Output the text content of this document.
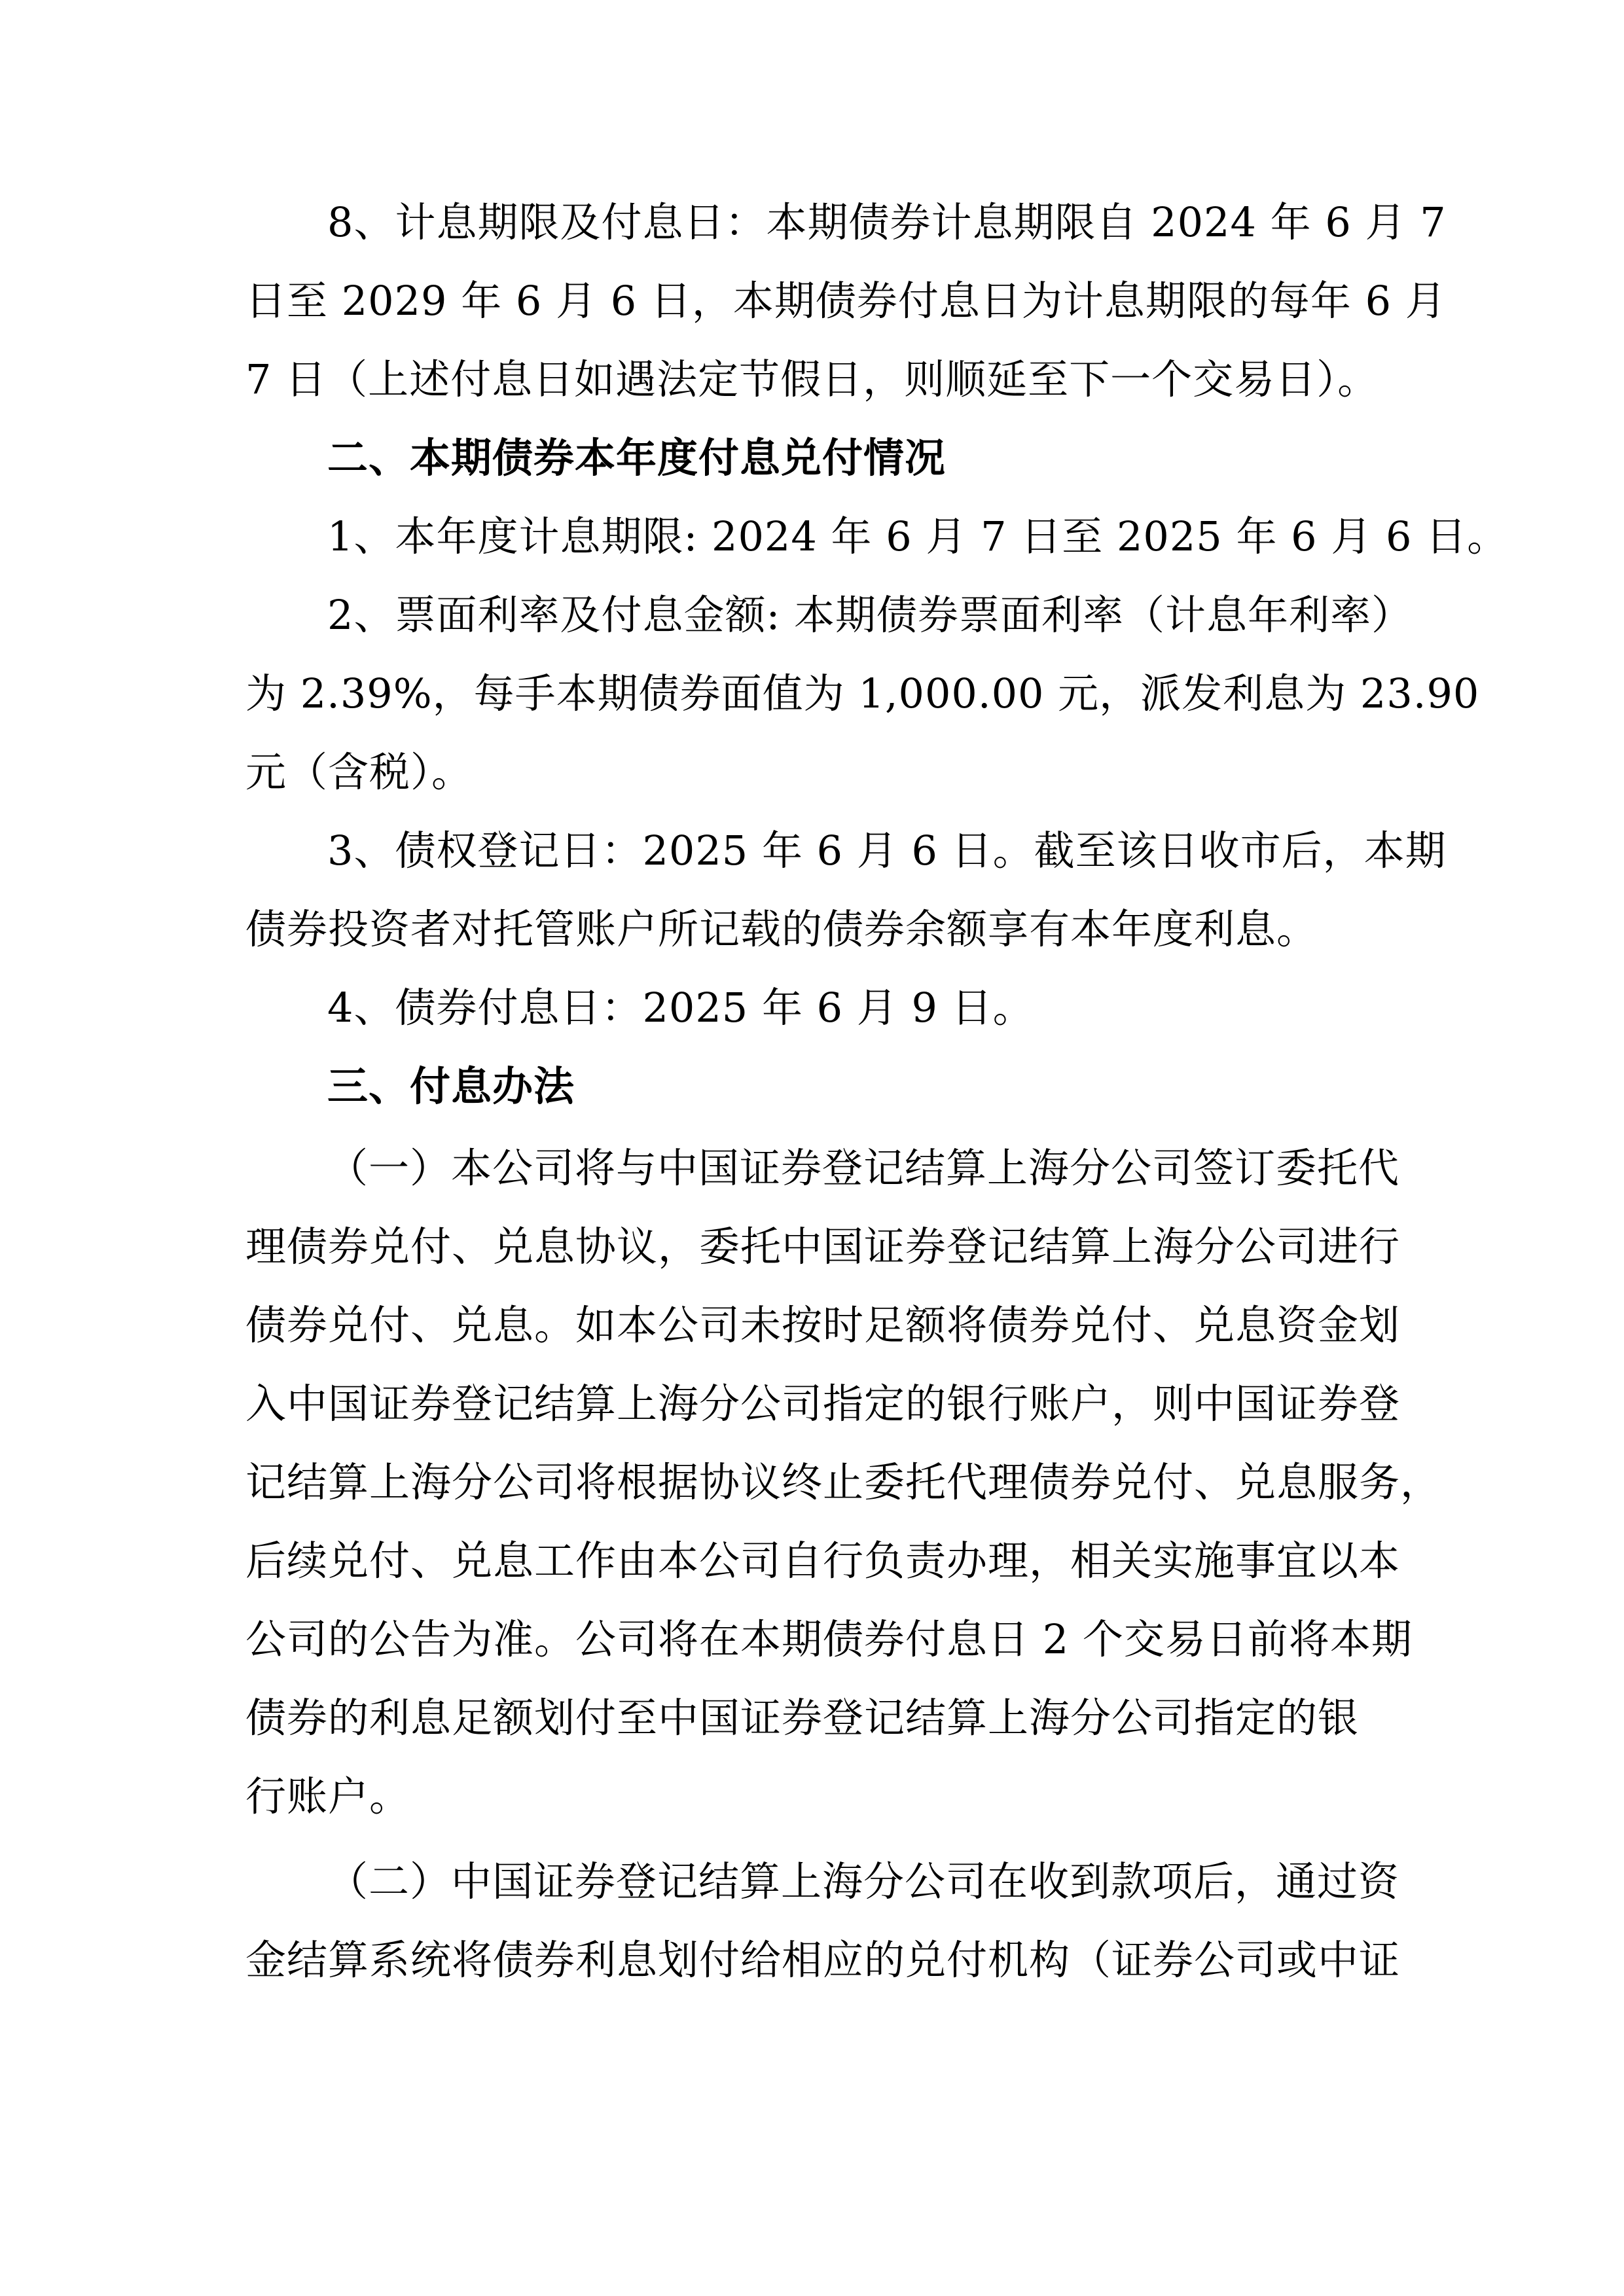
8、计息期限及付息日：本期债券计息期限自 2024 年 6 月 7
日至 2029 年 6 月 6 日，本期债券付息日为计息期限的每年 6 月
7 日（上述付息日如遇法定节假日，则顺延至下一个交易日）。
二、本期债券本年度付息兑付情况
1、本年度计息期限: 2024 年 6 月 7 日至 2025 年 6 月 6 日。
2、票面利率及付息金额: 本期债券票面利率（计息年利率）
为 2.39%，每手本期债券面值为 1,000.00 元，派发利息为 23.90
元（含税）。
3、债权登记日：2025 年 6 月 6 日。截至该日收市后，本期
债券投资者对托管账户所记载的债券余额享有本年度利息。
4、债券付息日：2025 年 6 月 9 日。
三、付息办法
（一）本公司将与中国证券登记结算上海分公司签订委托代
理债券兑付、兑息协议，委托中国证券登记结算上海分公司进行
债券兑付、兑息。如本公司未按时足额将债券兑付、兑息资金划
入中国证券登记结算上海分公司指定的银行账户，则中国证券登
记结算上海分公司将根据协议终止委托代理债券兑付、兑息服务，
后续兑付、兑息工作由本公司自行负责办理，相关实施事宜以本
公司的公告为准。公司将在本期债券付息日 2 个交易日前将本期
债券的利息足额划付至中国证券登记结算上海分公司指定的银
行账户。
（二）中国证券登记结算上海分公司在收到款项后，通过资
金结算系统将债券利息划付给相应的兑付机构（证券公司或中证
